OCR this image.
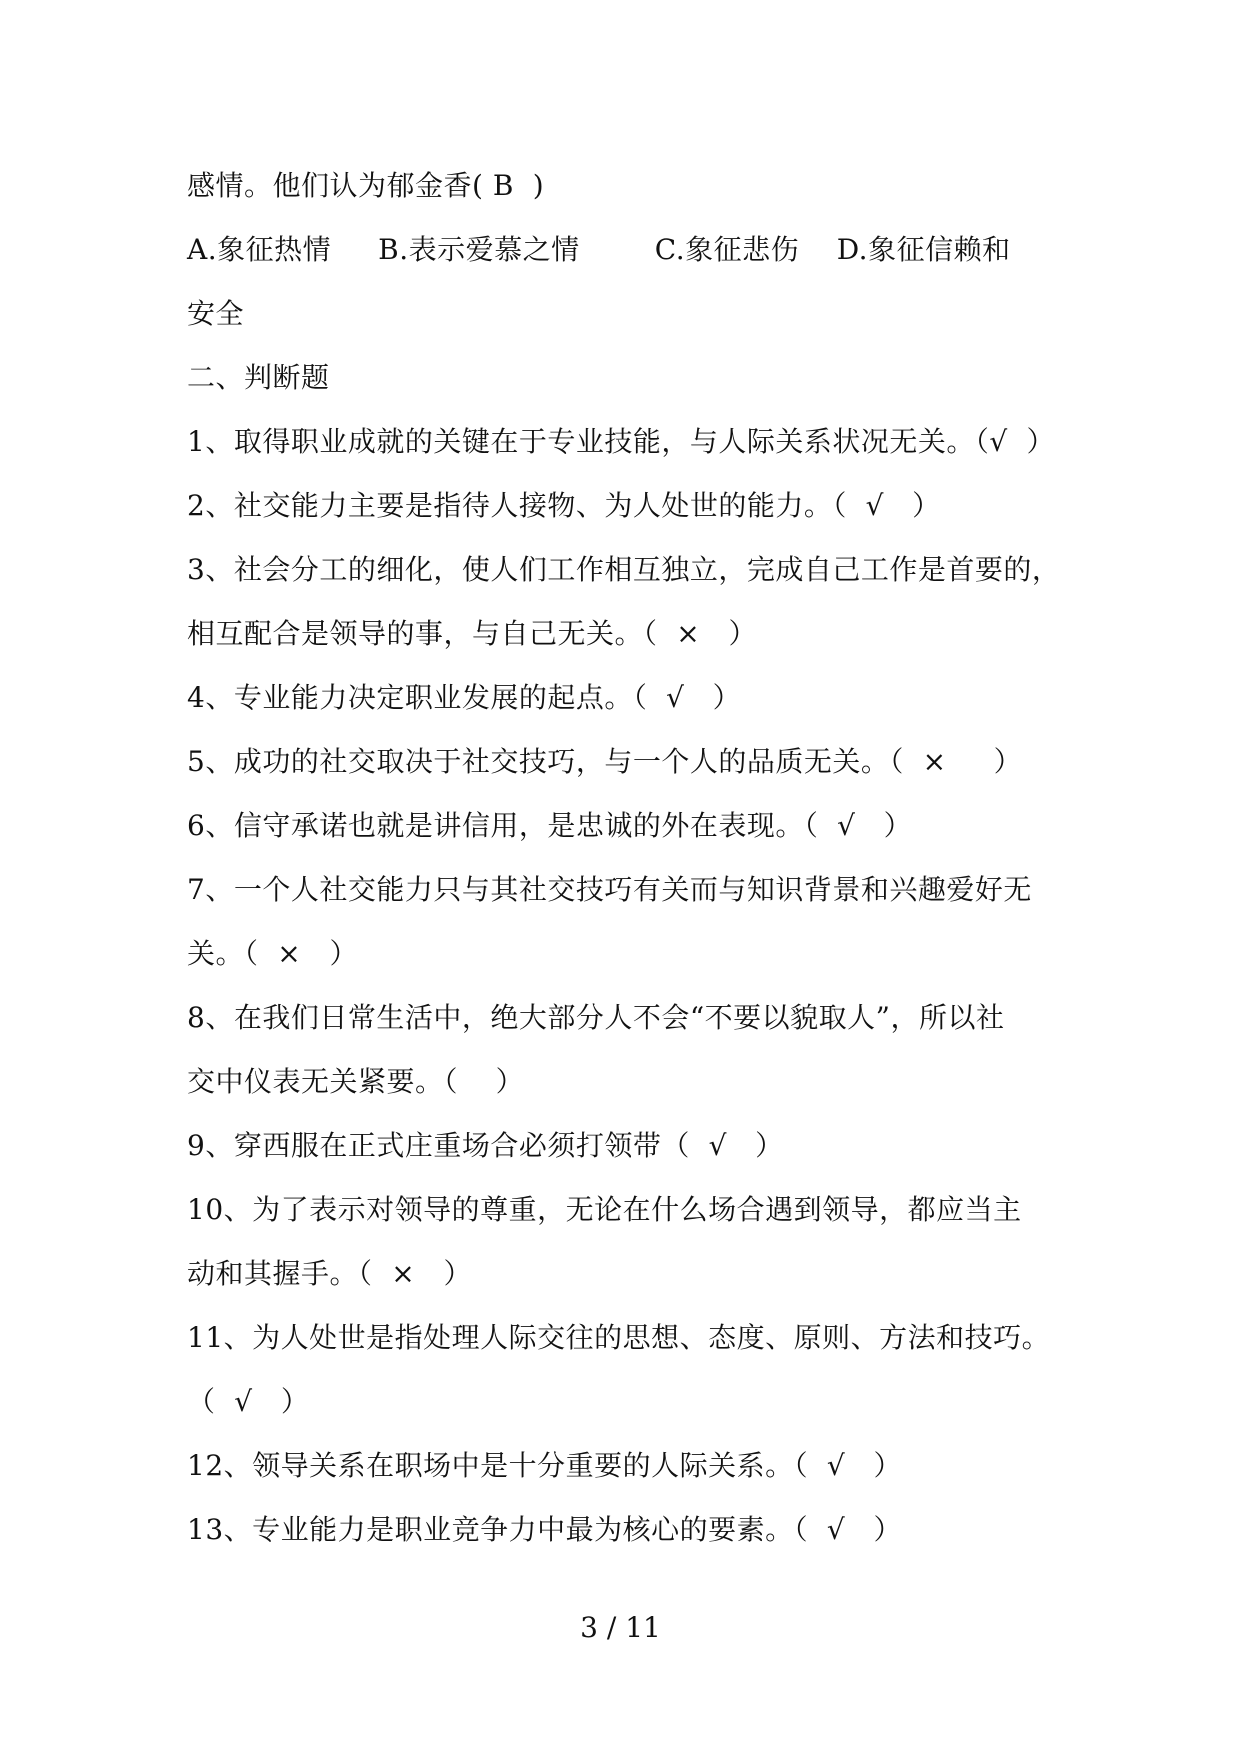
感情。他们认为郁金香( B  )
A.象征热情     B.表示爱慕之情        C.象征悲伤    D.象征信赖和
安全
二、判断题
1、取得职业成就的关键在于专业技能，与人际关系状况无关。（√  ）
2、社交能力主要是指待人接物、为人处世的能力。（  √   ）
3、社会分工的细化，使人们工作相互独立，完成自己工作是首要的，
相互配合是领导的事，与自己无关。（  ×   ）
4、专业能力决定职业发展的起点。（  √   ）
5、成功的社交取决于社交技巧，与一个人的品质无关。（  ×     ）
6、信守承诺也就是讲信用，是忠诚的外在表现。（  √   ）
7、一个人社交能力只与其社交技巧有关而与知识背景和兴趣爱好无
关。（  ×   ）
8、在我们日常生活中，绝大部分人不会“不要以貌取人”，所以社
交中仪表无关紧要。（    ）
9、穿西服在正式庄重场合必须打领带（  √   ）
10、为了表示对领导的尊重，无论在什么场合遇到领导，都应当主
动和其握手。（  ×   ）
11、为人处世是指处理人际交往的思想、态度、原则、方法和技巧。
（  √   ）
12、领导关系在职场中是十分重要的人际关系。（  √   ）
13、专业能力是职业竞争力中最为核心的要素。（  √   ）
3 / 11
